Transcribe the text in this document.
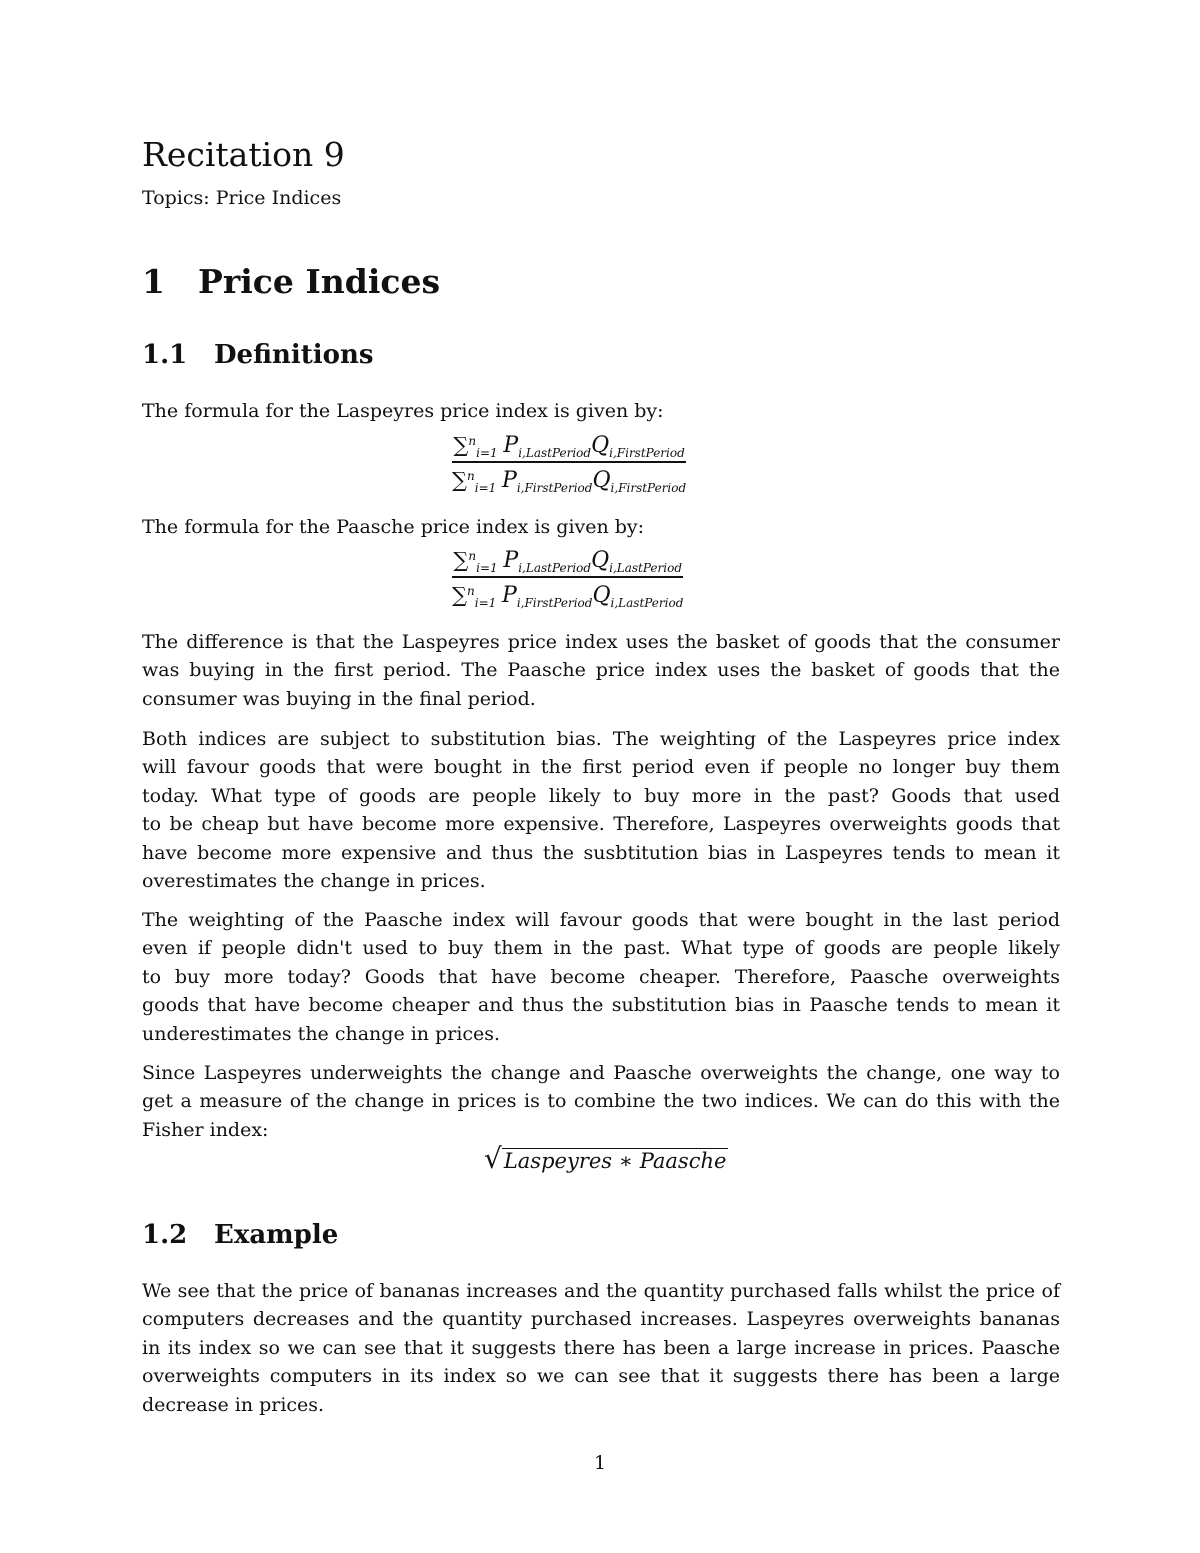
Recitation 9
Topics: Price Indices
1 Price Indices
1.1 Definitions

The formula for the Laspeyres price index is given by:

∑$^n_{i=1}$ $P_{i,LastPeriod}Q_{i,FirstPeriod}$
∑$^n_{i=1}$ $P_{i,FirstPeriod}Q_{i,FirstPeriod}$

The formula for the Paasche price index is given by:

∑$^n_{i=1}$ $P_{i,LastPeriod}Q_{i,LastPeriod}$
∑$^n_{i=1}$ $P_{i,FirstPeriod}Q_{i,LastPeriod}$

The difference is that the Laspeyres price index uses the basket of goods that the consumer
was buying in the first period. The Paasche price index uses the basket of goods that the
consumer was buying in the final period.

Both indices are subject to substitution bias. The weighting of the Laspeyres price index
will favour goods that were bought in the first period even if people no longer buy them
today. What type of goods are people likely to buy more in the past? Goods that used
to be cheap but have become more expensive. Therefore, Laspeyres overweights goods that
have become more expensive and thus the susbtitution bias in Laspeyres tends to mean it
overestimates the change in prices.

The weighting of the Paasche index will favour goods that were bought in the last period
even if people didn't used to buy them in the past. What type of goods are people likely
to buy more today? Goods that have become cheaper. Therefore, Paasche overweights
goods that have become cheaper and thus the substitution bias in Paasche tends to mean it
underestimates the change in prices.

Since Laspeyres underweights the change and Paasche overweights the change, one way to
get a measure of the change in prices is to combine the two indices. We can do this with the
Fisher index:

√Laspeyres ∗ Paasche
1.2 Example

We see that the price of bananas increases and the quantity purchased falls whilst the price of
computers decreases and the quantity purchased increases. Laspeyres overweights bananas
in its index so we can see that it suggests there has been a large increase in prices. Paasche
overweights computers in its index so we can see that it suggests there has been a large
decrease in prices.

1
